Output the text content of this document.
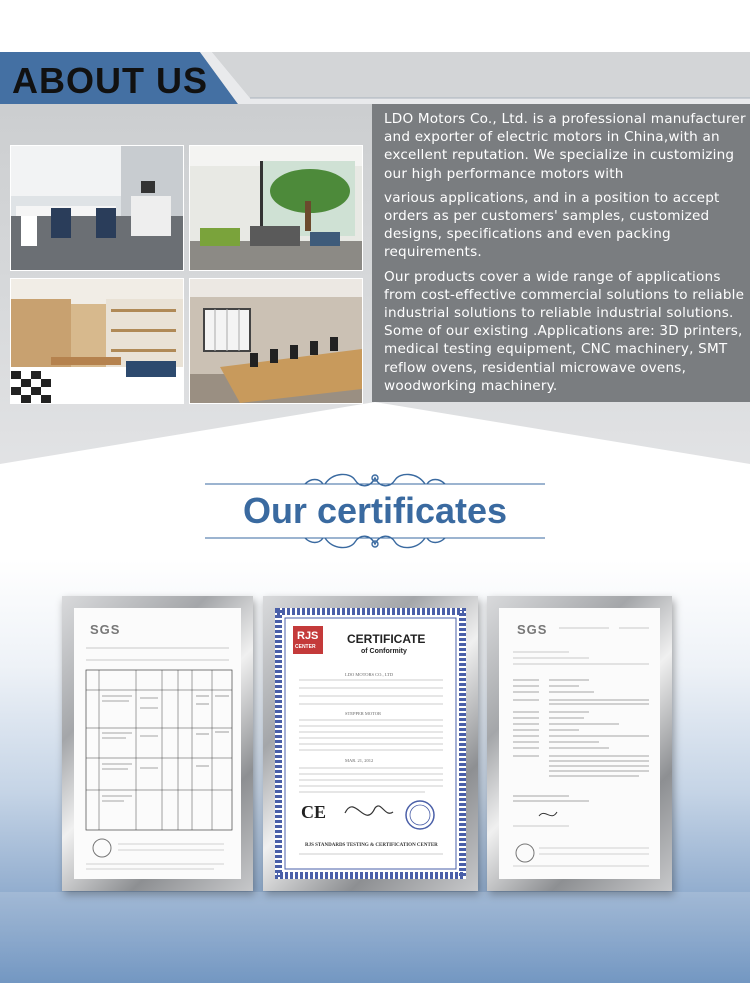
ABOUT US

LDO Motors Co., Ltd. is a professional manufacturer and exporter of electric motors in China,with an excellent reputation. We specialize in customizing our high performance motors with

various applications, and in a position to accept orders as per customers' samples, customized designs, specifications and even packing requirements.

Our products cover a wide range of applications from cost-effective commercial solutions to reliable industrial solutions to reliable industrial solutions. Some of our existing .Applications are: 3D printers, medical testing equipment, CNC machinery, SMT reflow ovens, residential microwave ovens, woodworking machinery.

Our certificates
SGS	RJS
CENTER
CERTIFICATE
of Conformity
LDO MOTORS CO., LTD
STEPPER MOTOR
MAR. 21, 2012
CE
RJS STANDARDS TESTING & CERTIFICATION CENTER
SGS
